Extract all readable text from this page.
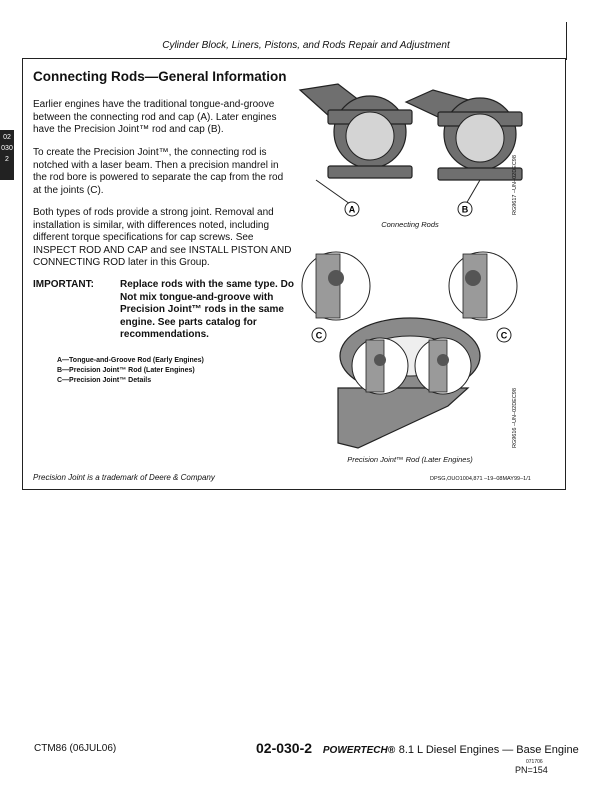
Cylinder Block, Liners, Pistons, and Rods Repair and Adjustment
02
030
2
Connecting Rods—General Information

Earlier engines have the traditional tongue-and-groove between the connecting rod and cap (A). Later engines have the Precision Joint™ rod and cap (B).

To create the Precision Joint™, the connecting rod is notched with a laser beam. Then a precision mandrel in the rod bore is powered to separate the cap from the rod at the joints (C).

Both types of rods provide a strong joint. Removal and installation is similar, with differences noted, including different torque specifications for cap screws. See INSPECT ROD AND CAP and see INSTALL PISTON AND CONNECTING ROD later in this Group.

IMPORTANT:	Replace rods with the same type. Do Not mix tongue-and-groove with Precision Joint™ rods in the same engine. See parts catalog for recommendations.
A—Tongue-and-Groove Rod (Early Engines)
B—Precision Joint™ Rod (Later Engines)
C—Precision Joint™ Details
A	B	RG9617 –UN–02DEC98
Connecting Rods
C	C
RG9616 –UN–02DEC98
Precision Joint™ Rod (Later Engines)
Precision Joint is a trademark of Deere & Company	DPSG,OUO1004,871 –19–08MAY99–1/1
CTM86 (06JUL06)	02-030-2 POWERTECH® 8.1 L Diesel Engines — Base Engine
071706
PN=154
